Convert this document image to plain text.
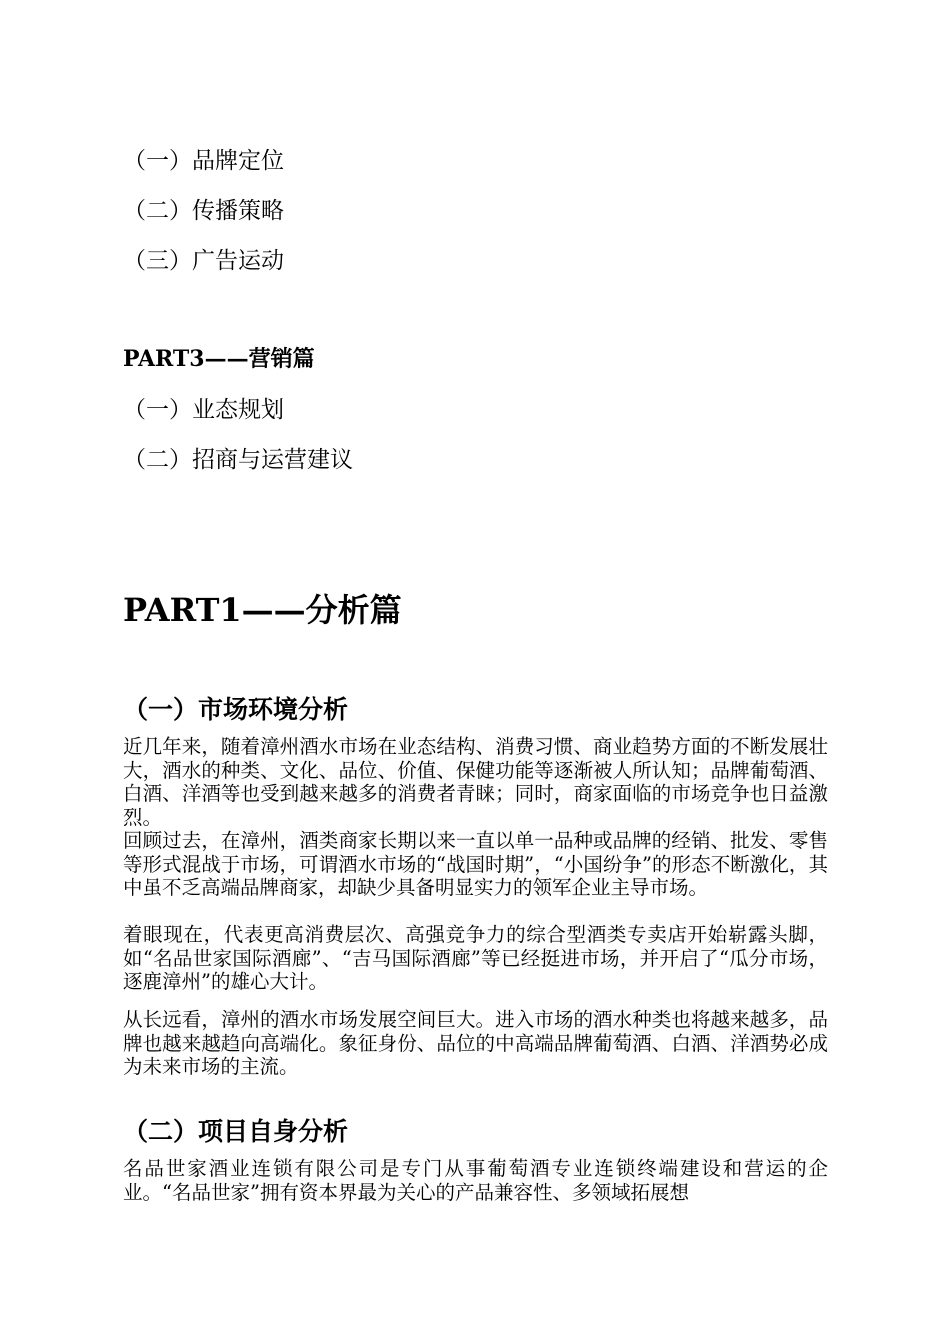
（一）品牌定位
（二）传播策略
（三）广告运动
PART3——营销篇
（一）业态规划
（二）招商与运营建议
PART1——分析篇
（一）市场环境分析

近几年来，随着漳州酒水市场在业态结构、消费习惯、商业趋势方面的不断发展壮大，酒水的种类、文化、品位、价值、保健功能等逐渐被人所认知；品牌葡萄酒、白酒、洋酒等也受到越来越多的消费者青睐；同时，商家面临的市场竞争也日益激烈。

回顾过去，在漳州，酒类商家长期以来一直以单一品种或品牌的经销、批发、零售等形式混战于市场，可谓酒水市场的“战国时期”，“小国纷争”的形态不断激化，其中虽不乏高端品牌商家，却缺少具备明显实力的领军企业主导市场。

着眼现在，代表更高消费层次、高强竞争力的综合型酒类专卖店开始崭露头脚，如“名品世家国际酒廊”、“吉马国际酒廊”等已经挺进市场，并开启了“瓜分市场，逐鹿漳州”的雄心大计。

从长远看，漳州的酒水市场发展空间巨大。进入市场的酒水种类也将越来越多，品牌也越来越趋向高端化。象征身份、品位的中高端品牌葡萄酒、白酒、洋酒势必成为未来市场的主流。

（二）项目自身分析

名品世家酒业连锁有限公司是专门从事葡萄酒专业连锁终端建设和营运的企业。“名品世家”拥有资本界最为关心的产品兼容性、多领域拓展想
